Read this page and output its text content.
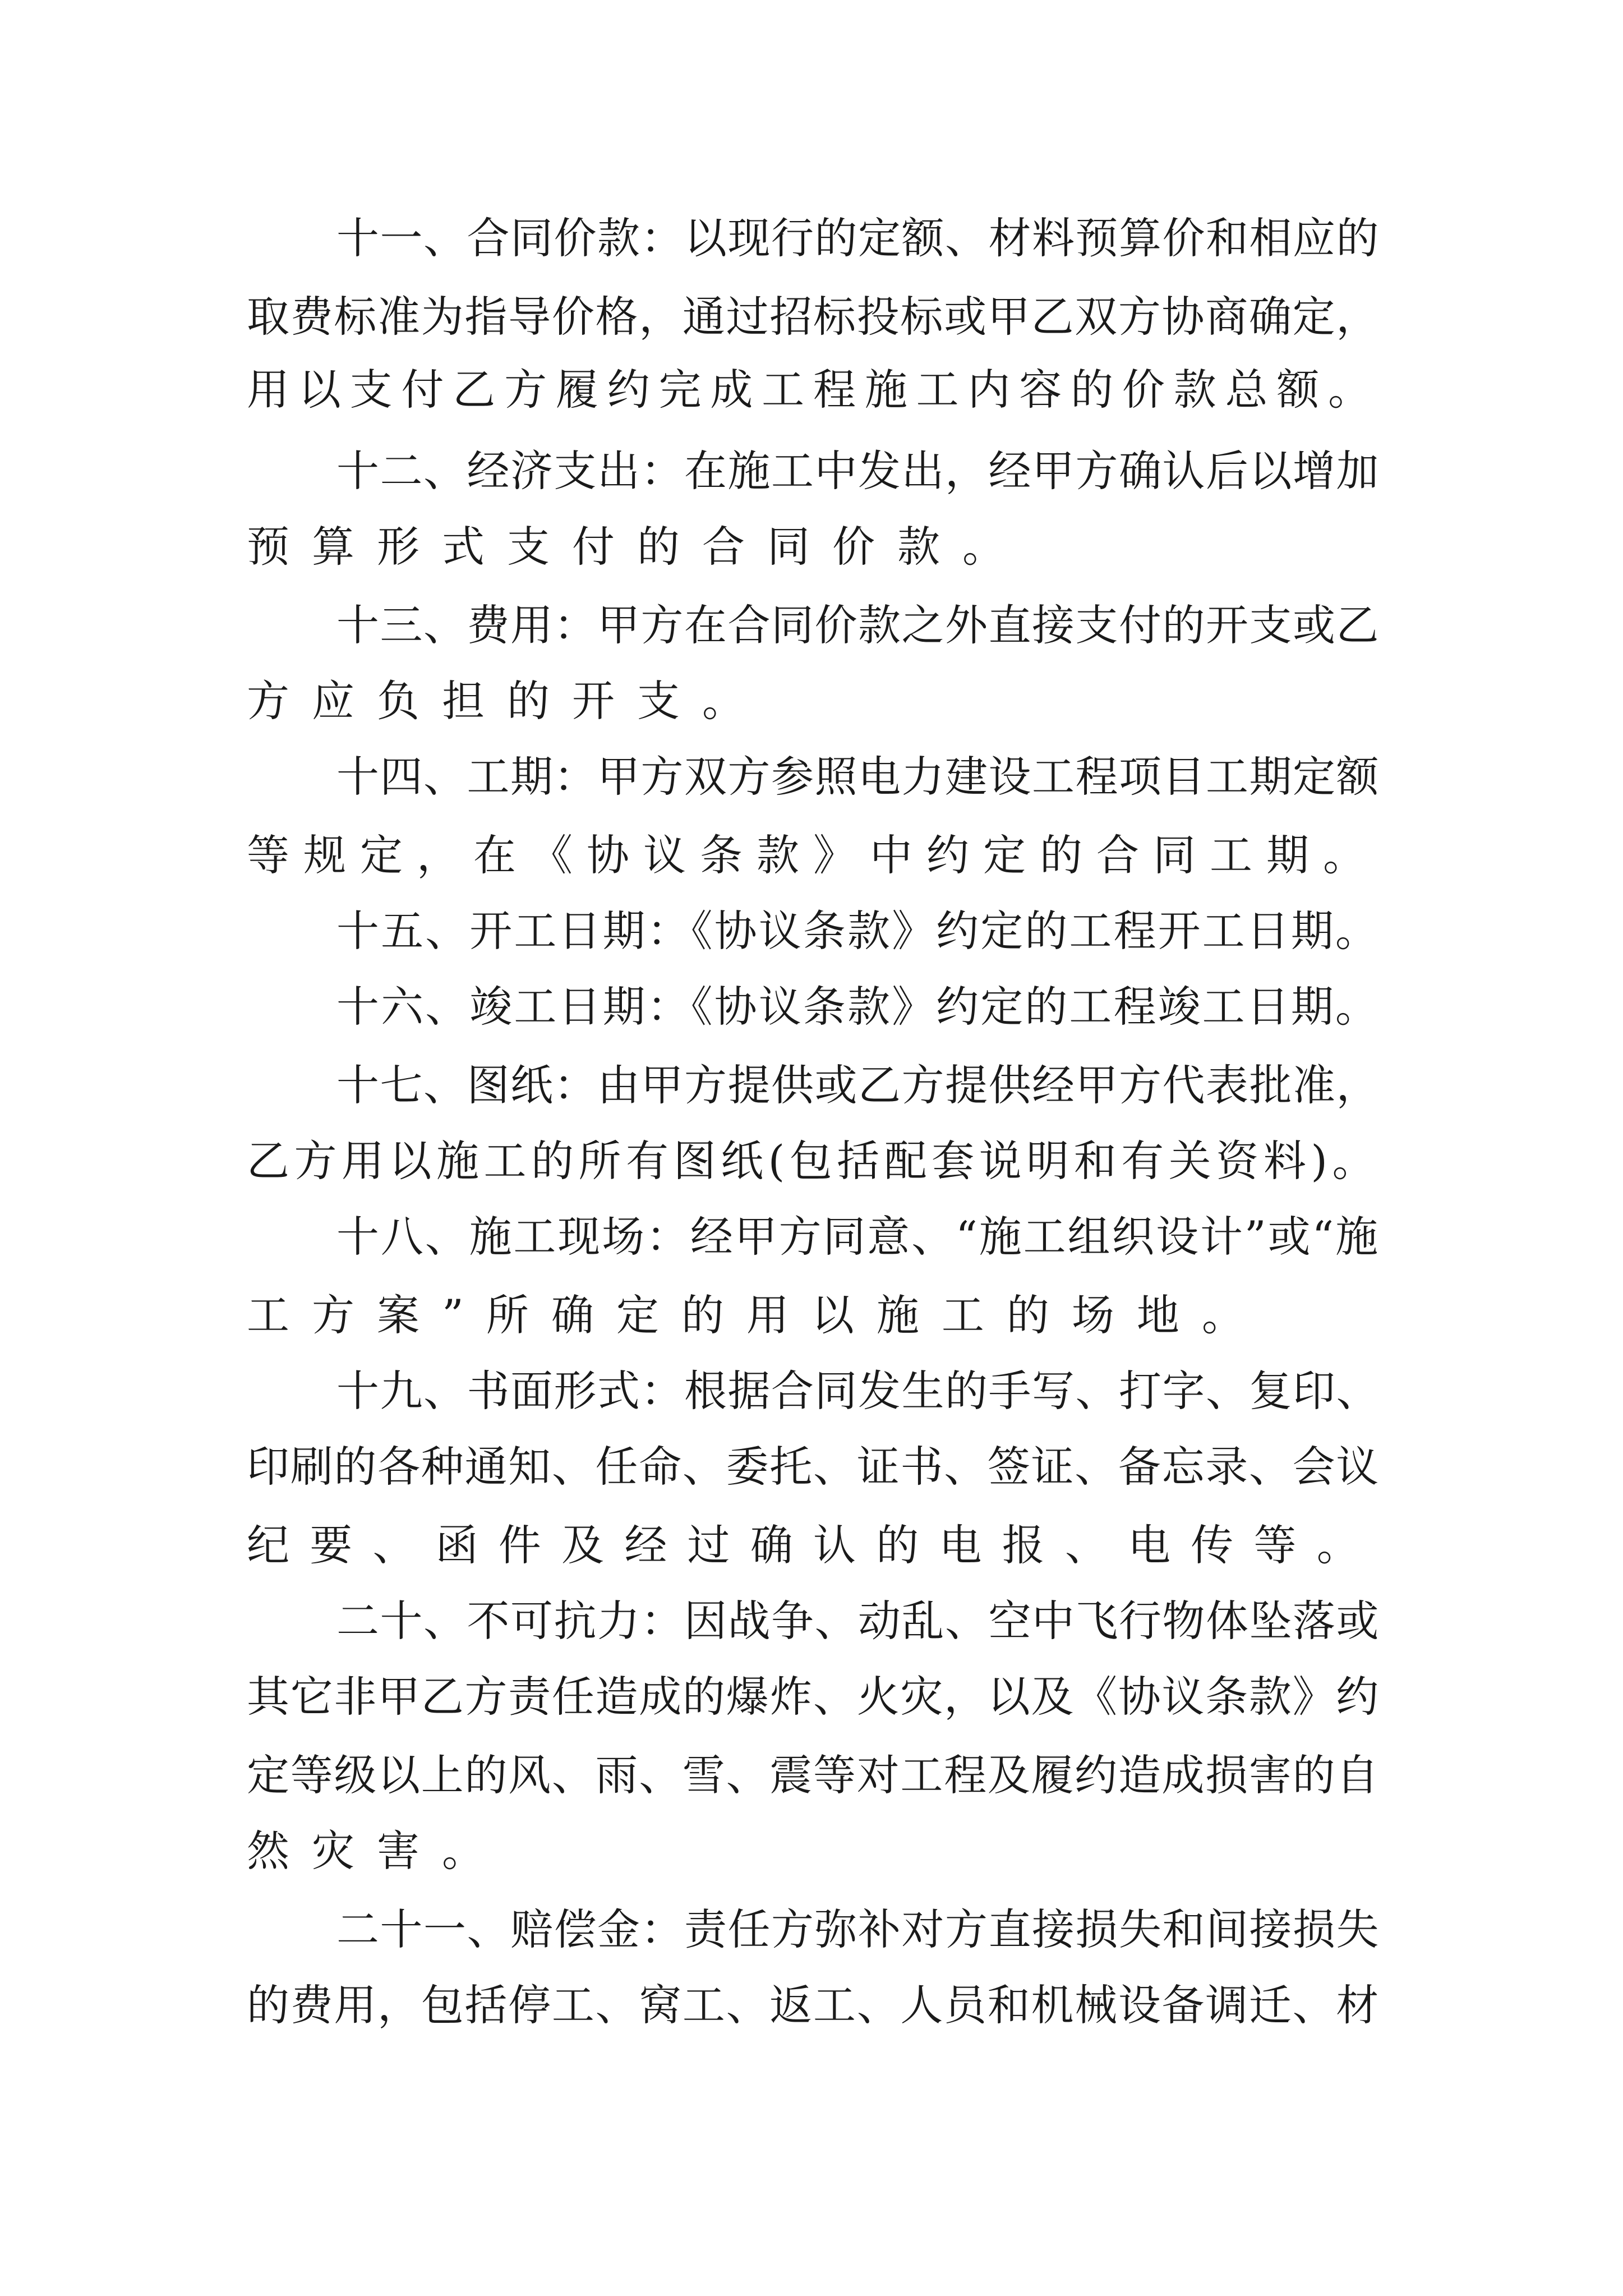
十一、合同价款：以现行的定额、材料预算价和相应的
取费标准为指导价格，通过招标投标或甲乙双方协商确定，
用以支付乙方履约完成工程施工内容的价款总额。
十二、经济支出：在施工中发出，经甲方确认后以增加
预算形式支付的合同价款。
十三、费用：甲方在合同价款之外直接支付的开支或乙
方应负担的开支。
十四、工期：甲方双方参照电力建设工程项目工期定额
等规定，在《协议条款》中约定的合同工期。
十五、开工日期：《协议条款》约定的工程开工日期。
十六、竣工日期：《协议条款》约定的工程竣工日期。
十七、图纸：由甲方提供或乙方提供经甲方代表批准，
乙方用以施工的所有图纸(包括配套说明和有关资料)。
十八、施工现场：经甲方同意、“施工组织设计”或“施
工方案”所确定的用以施工的场地。
十九、书面形式：根据合同发生的手写、打字、复印、
印刷的各种通知、任命、委托、证书、签证、备忘录、会议
纪要、函件及经过确认的电报、电传等。
二十、不可抗力：因战争、动乱、空中飞行物体坠落或
其它非甲乙方责任造成的爆炸、火灾，以及《协议条款》约
定等级以上的风、雨、雪、震等对工程及履约造成损害的自
然灾害。
二十一、赔偿金：责任方弥补对方直接损失和间接损失
的费用，包括停工、窝工、返工、人员和机械设备调迁、材
